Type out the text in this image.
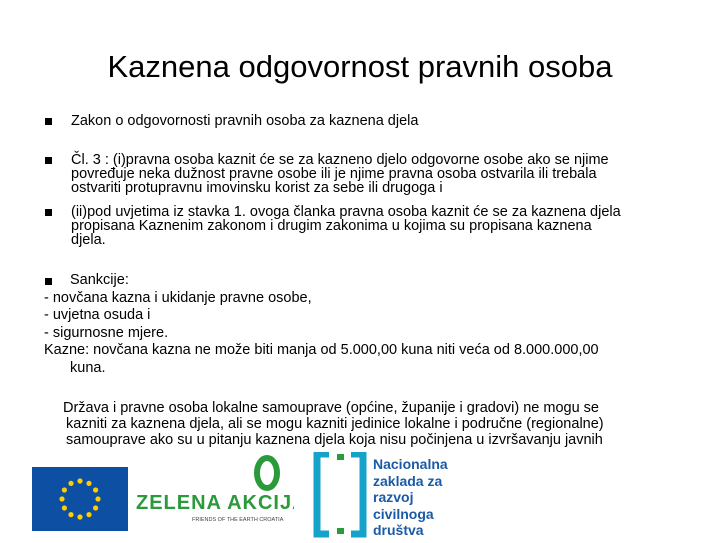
Kaznena odgovornost pravnih osoba
Zakon o odgovornosti pravnih osoba za kaznena djela
Čl. 3 : (i)pravna osoba kaznit će se za kazneno djelo odgovorne osobe ako se njime
povređuje neka dužnost pravne osobe ili je njime pravna osoba ostvarila ili trebala
ostvariti protupravnu imovinsku korist za sebe ili drugoga i
(ii)pod uvjetima iz stavka 1. ovoga članka pravna osoba kaznit će se za kaznena djela
propisana Kaznenim zakonom i drugim zakonima u kojima su propisana kaznena
djela.
Sankcije:
- novčana kazna i ukidanje pravne osobe,
- uvjetna osuda i
- sigurnosne mjere.
Kazne: novčana kazna ne može biti manja od 5.000,00 kuna niti veća od 8.000.000,00
kuna.
Država i pravne osoba lokalne samouprave (općine, županije i gradovi) ne mogu se
kazniti za kaznena djela, ali se mogu kazniti jedinice lokalne i područne (regionalne)
samouprave ako su u pitanju kaznena djela koja nisu počinjena u izvršavanju javnih
ZELENA AKCIJA
FRIENDS OF THE EARTH CROATIA
Nacionalna
zaklada za
razvoj
civilnoga
društva
